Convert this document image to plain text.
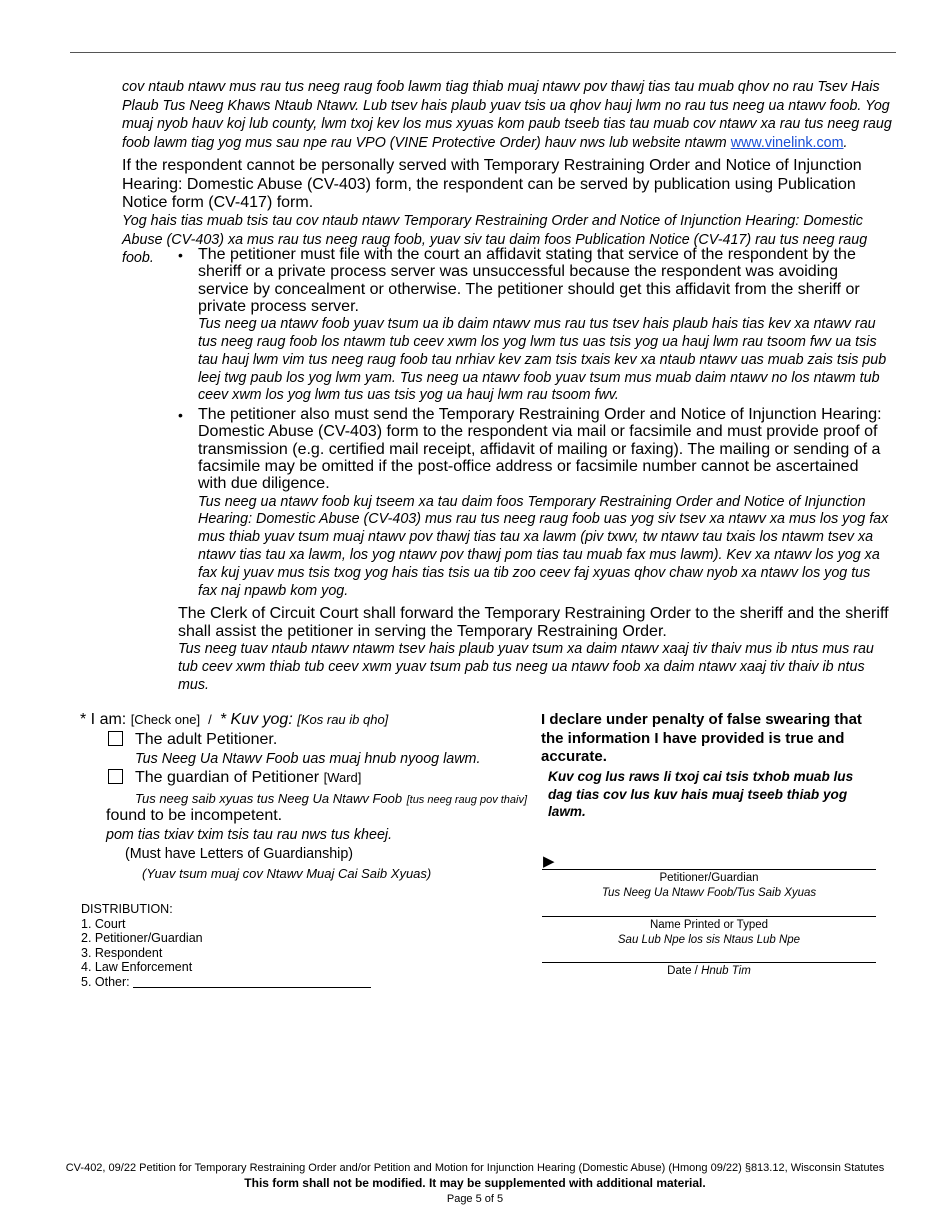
cov ntaub ntawv mus rau tus neeg raug foob lawm tiag thiab muaj ntawv pov thawj tias tau muab qhov no rau Tsev Hais Plaub Tus Neeg Khaws Ntaub Ntawv. Lub tsev hais plaub yuav tsis ua qhov hauj lwm no rau tus neeg ua ntawv foob. Yog muaj nyob hauv koj lub county, lwm txoj kev los mus xyuas kom paub tseeb tias tau muab cov ntawv xa rau tus neeg raug foob lawm tiag yog mus sau npe rau VPO (VINE Protective Order) hauv nws lub website ntawm www.vinelink.com.
If the respondent cannot be personally served with Temporary Restraining Order and Notice of Injunction Hearing: Domestic Abuse (CV-403) form, the respondent can be served by publication using Publication Notice form (CV-417) form.
Yog hais tias muab tsis tau cov ntaub ntawv Temporary Restraining Order and Notice of Injunction Hearing: Domestic Abuse (CV-403) xa mus rau tus neeg raug foob, yuav siv tau daim foos Publication Notice (CV-417) rau tus neeg raug foob.	• The petitioner must file with the court an affidavit stating that service of the respondent by the sheriff or a private process server was unsuccessful because the respondent was avoiding service by concealment or otherwise. The petitioner should get this affidavit from the sheriff or private process server.
Tus neeg ua ntawv foob yuav tsum ua ib daim ntawv mus rau tus tsev hais plaub hais tias kev xa ntawv rau tus neeg raug foob los ntawm tub ceev xwm los yog lwm tus uas tsis yog ua hauj lwm rau tsoom fwv ua tsis tau hauj lwm vim tus neeg raug foob tau nrhiav kev zam tsis txais kev xa ntaub ntawv uas muab zais tsis pub leej twg paub los yog lwm yam. Tus neeg ua ntawv foob yuav tsum mus muab daim ntawv no los ntawm tub ceev xwm los yog lwm tus uas tsis yog ua hauj lwm rau tsoom fwv.
• The petitioner also must send the Temporary Restraining Order and Notice of Injunction Hearing: Domestic Abuse (CV-403) form to the respondent via mail or facsimile and must provide proof of transmission (e.g. certified mail receipt, affidavit of mailing or faxing). The mailing or sending of a facsimile may be omitted if the post-office address or facsimile number cannot be ascertained with due diligence.
Tus neeg ua ntawv foob kuj tseem xa tau daim foos Temporary Restraining Order and Notice of Injunction Hearing: Domestic Abuse (CV-403) mus rau tus neeg raug foob uas yog siv tsev xa ntawv xa mus los yog fax mus thiab yuav tsum muaj ntawv pov thawj tias tau xa lawm (piv txwv, tw ntawv tau txais los ntawm tsev xa ntawv tias tau xa lawm, los yog ntawv pov thawj pom tias tau muab fax mus lawm). Kev xa ntawv los yog xa fax kuj yuav mus tsis txog yog hais tias tsis ua tib zoo ceev faj xyuas qhov chaw nyob xa ntawv los yog tus fax naj npawb kom yog.
The Clerk of Circuit Court shall forward the Temporary Restraining Order to the sheriff and the sheriff shall assist the petitioner in serving the Temporary Restraining Order.
Tus neeg tuav ntaub ntawv ntawm tsev hais plaub yuav tsum xa daim ntawv xaaj tiv thaiv mus ib ntus mus rau tub ceev xwm thiab tub ceev xwm yuav tsum pab tus neeg ua ntawv foob xa daim ntawv xaaj tiv thaiv ib ntus mus.
* I am: [Check one] / * Kuv yog: [Kos rau ib qho]
The adult Petitioner.
Tus Neeg Ua Ntawv Foob uas muaj hnub nyoog lawm.
The guardian of Petitioner [Ward]
Tus neeg saib xyuas tus Neeg Ua Ntawv Foob [tus neeg raug pov thaiv]
found to be incompetent.
pom tias txiav txim tsis tau rau nws tus kheej.
(Must have Letters of Guardianship)
(Yuav tsum muaj cov Ntawv Muaj Cai Saib Xyuas)
I declare under penalty of false swearing that the information I have provided is true and accurate.
Kuv cog lus raws li txoj cai tsis txhob muab lus dag tias cov lus kuv hais muaj tseeb thiab yog lawm.
▶
Petitioner/Guardian
Tus Neeg Ua Ntawv Foob/Tus Saib Xyuas
Name Printed or Typed
Sau Lub Npe los sis Ntaus Lub Npe
Date / Hnub Tim
DISTRIBUTION:
1. Court
2. Petitioner/Guardian
3. Respondent
4. Law Enforcement
5. Other:
CV-402, 09/22 Petition for Temporary Restraining Order and/or Petition and Motion for Injunction Hearing (Domestic Abuse) (Hmong 09/22) §813.12, Wisconsin Statutes
This form shall not be modified. It may be supplemented with additional material.
Page 5 of 5
